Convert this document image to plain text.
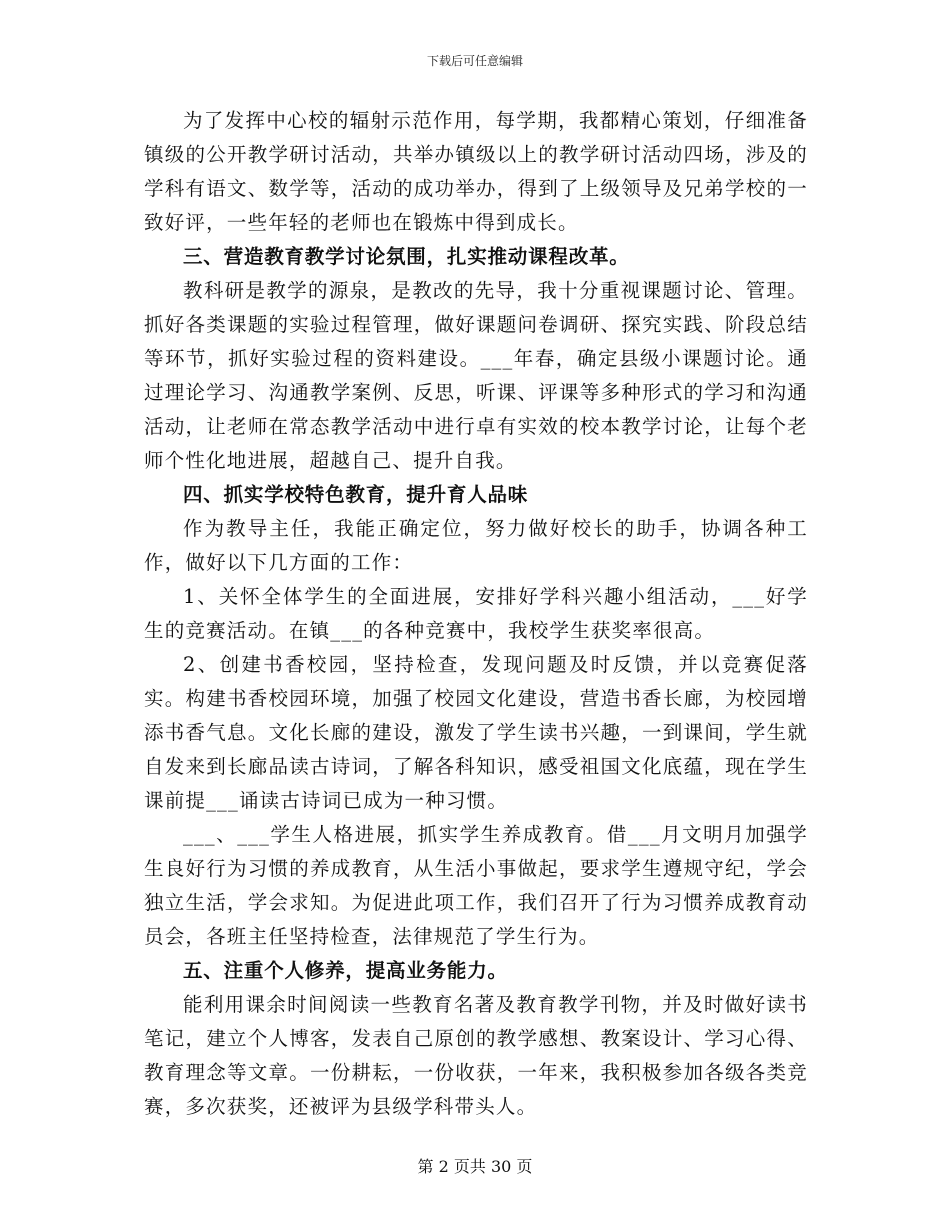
下载后可任意编辑

为了发挥中心校的辐射示范作用，每学期，我都精心策划，仔细准备镇级的公开教学研讨活动，共举办镇级以上的教学研讨活动四场，涉及的学科有语文、数学等，活动的成功举办，得到了上级领导及兄弟学校的一致好评，一些年轻的老师也在锻炼中得到成长。

三、营造教育教学讨论氛围，扎实推动课程改革。

教科研是教学的源泉，是教改的先导，我十分重视课题讨论、管理。抓好各类课题的实验过程管理，做好课题问卷调研、探究实践、阶段总结等环节，抓好实验过程的资料建设。___年春，确定县级小课题讨论。通过理论学习、沟通教学案例、反思，听课、评课等多种形式的学习和沟通活动，让老师在常态教学活动中进行卓有实效的校本教学讨论，让每个老师个性化地进展，超越自己、提升自我。

四、抓实学校特色教育，提升育人品味

作为教导主任，我能正确定位，努力做好校长的助手，协调各种工作，做好以下几方面的工作：

1、关怀全体学生的全面进展，安排好学科兴趣小组活动，___好学生的竞赛活动。在镇___的各种竞赛中，我校学生获奖率很高。

2、创建书香校园，坚持检查，发现问题及时反馈，并以竞赛促落实。构建书香校园环境，加强了校园文化建设，营造书香长廊，为校园增添书香气息。文化长廊的建设，激发了学生读书兴趣，一到课间，学生就自发来到长廊品读古诗词，了解各科知识，感受祖国文化底蕴，现在学生课前提___诵读古诗词已成为一种习惯。

___、___学生人格进展，抓实学生养成教育。借___月文明月加强学生良好行为习惯的养成教育，从生活小事做起，要求学生遵规守纪，学会独立生活，学会求知。为促进此项工作，我们召开了行为习惯养成教育动员会，各班主任坚持检查，法律规范了学生行为。

五、注重个人修养，提高业务能力。

能利用课余时间阅读一些教育名著及教育教学刊物，并及时做好读书笔记，建立个人博客，发表自己原创的教学感想、教案设计、学习心得、教育理念等文章。一份耕耘，一份收获，一年来，我积极参加各级各类竞赛，多次获奖，还被评为县级学科带头人。

第 2 页共 30 页
